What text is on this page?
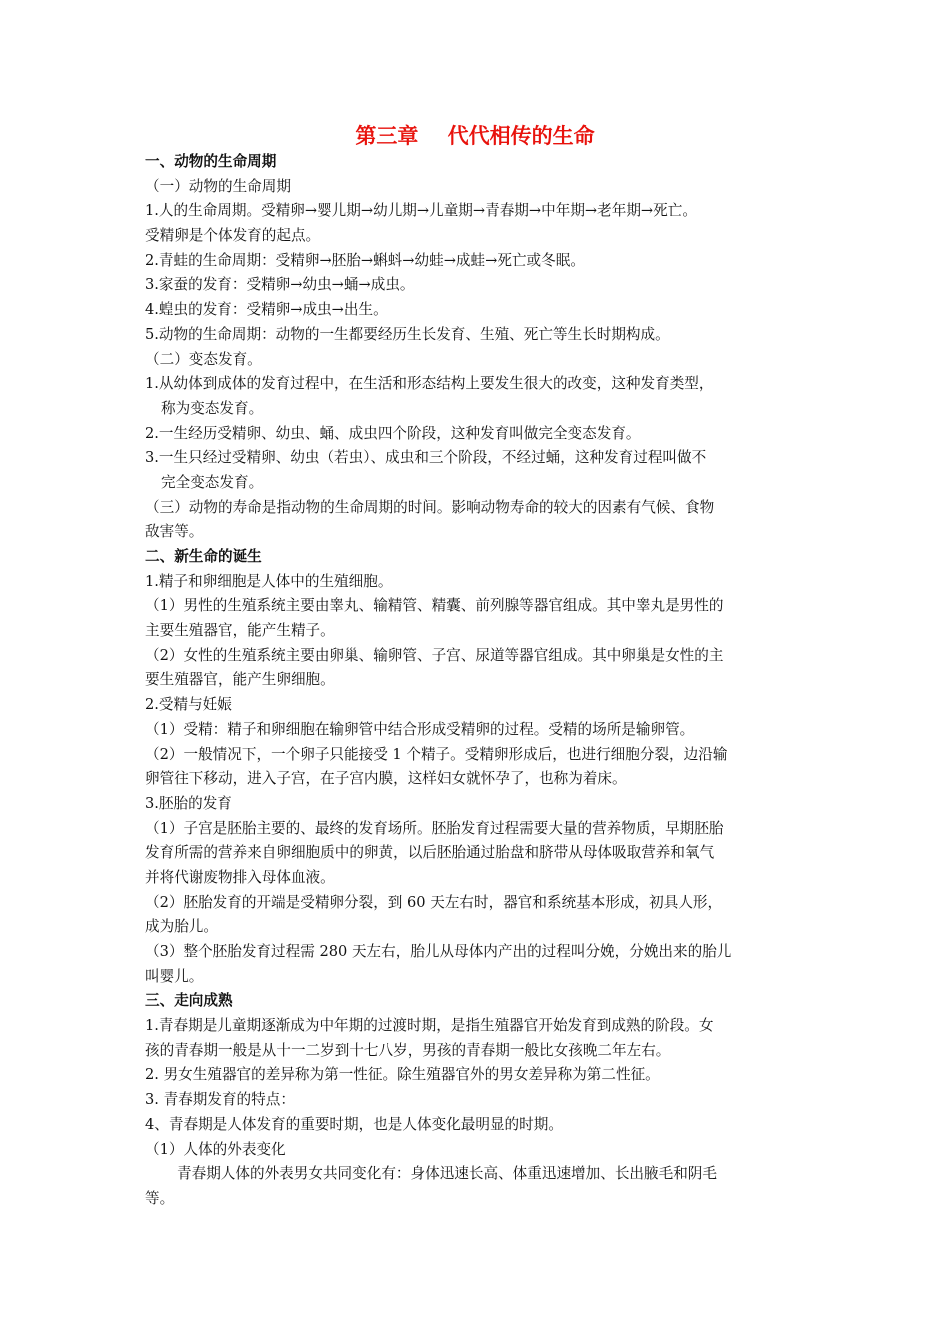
第三章    代代相传的生命
一、动物的生命周期
（一）动物的生命周期
1.人的生命周期。受精卵→婴儿期→幼儿期→儿童期→青春期→中年期→老年期→死亡。
受精卵是个体发育的起点。
2.青蛙的生命周期：受精卵→胚胎→蝌蚪→幼蛙→成蛙→死亡或冬眠。
3.家蚕的发育：受精卵→幼虫→蛹→成虫。
4.蝗虫的发育：受精卵→成虫→出生。
5.动物的生命周期：动物的一生都要经历生长发育、生殖、死亡等生长时期构成。
（二）变态发育。
1.从幼体到成体的发育过程中，在生活和形态结构上要发生很大的改变，这种发育类型，
称为变态发育。
2.一生经历受精卵、幼虫、蛹、成虫四个阶段，这种发育叫做完全变态发育。
3.一生只经过受精卵、幼虫（若虫）、成虫和三个阶段，不经过蛹，这种发育过程叫做不
完全变态发育。
（三）动物的寿命是指动物的生命周期的时间。影响动物寿命的较大的因素有气候、食物
敌害等。
二、新生命的诞生
1.精子和卵细胞是人体中的生殖细胞。
（1）男性的生殖系统主要由睾丸、输精管、精囊、前列腺等器官组成。其中睾丸是男性的
主要生殖器官，能产生精子。
（2）女性的生殖系统主要由卵巢、输卵管、子宫、尿道等器官组成。其中卵巢是女性的主
要生殖器官，能产生卵细胞。
2.受精与妊娠
（1）受精：精子和卵细胞在输卵管中结合形成受精卵的过程。受精的场所是输卵管。
（2）一般情况下，一个卵子只能接受 1 个精子。受精卵形成后，也进行细胞分裂，边沿输
卵管往下移动，进入子宫，在子宫内膜，这样妇女就怀孕了，也称为着床。
3.胚胎的发育
（1）子宫是胚胎主要的、最终的发育场所。胚胎发育过程需要大量的营养物质，早期胚胎
发育所需的营养来自卵细胞质中的卵黄，以后胚胎通过胎盘和脐带从母体吸取营养和氧气
并将代谢废物排入母体血液。
（2）胚胎发育的开端是受精卵分裂，到 60 天左右时，器官和系统基本形成，初具人形，
成为胎儿。
（3）整个胚胎发育过程需 280 天左右，胎儿从母体内产出的过程叫分娩，分娩出来的胎儿
叫婴儿。
三、走向成熟
1.青春期是儿童期逐渐成为中年期的过渡时期，是指生殖器官开始发育到成熟的阶段。女
孩的青春期一般是从十一二岁到十七八岁，男孩的青春期一般比女孩晚二年左右。
2. 男女生殖器官的差异称为第一性征。除生殖器官外的男女差异称为第二性征。
3. 青春期发育的特点：
4、青春期是人体发育的重要时期，也是人体变化最明显的时期。
（1）人体的外表变化
青春期人体的外表男女共同变化有：身体迅速长高、体重迅速增加、长出腋毛和阴毛
等。
